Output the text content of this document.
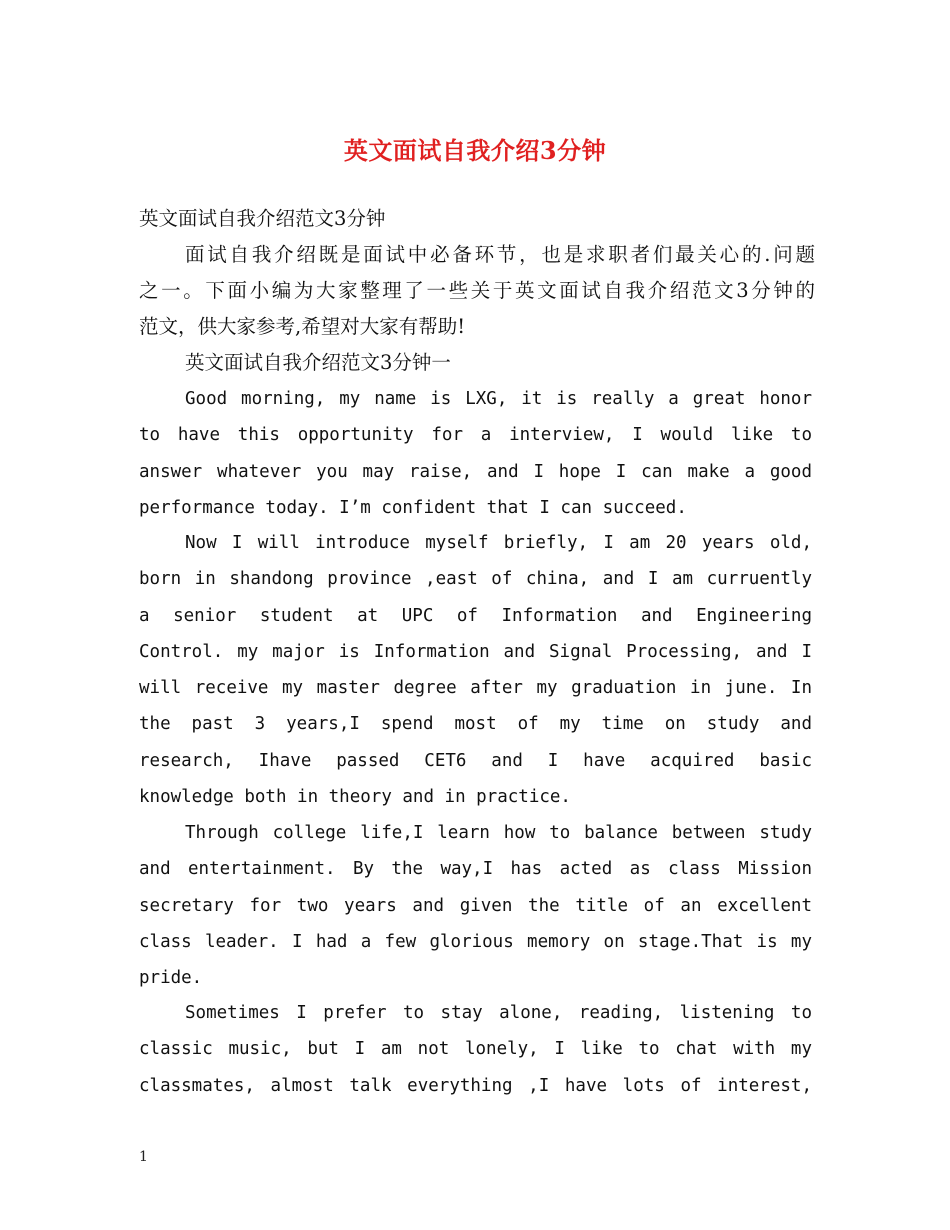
英文面试自我介绍3分钟
英文面试自我介绍范文3分钟
面试自我介绍既是面试中必备环节，也是求职者们最关心的.问题
之一。下面小编为大家整理了一些关于英文面试自我介绍范文3分钟的
范文，供大家参考,希望对大家有帮助!
英文面试自我介绍范文3分钟一
Good morning, my name is LXG, it is really a great honor
to have this opportunity for a interview, I would like to
answer whatever you may raise, and I hope I can make a good
performance today. I’m confident that I can succeed.
Now I will introduce myself briefly, I am 20 years old,
born in shandong province ,east of china, and I am curruently
a senior student at UPC of Information and Engineering
Control. my major is Information and Signal Processing, and I
will receive my master degree after my graduation in june. In
the past 3 years,I spend most of my time on study and
research, Ihave passed CET6 and I have acquired basic
knowledge both in theory and in practice.
Through college life,I learn how to balance between study
and entertainment. By the way,I has acted as class Mission
secretary for two years and given the title of an excellent
class leader. I had a few glorious memory on stage.That is my
pride.
Sometimes I prefer to stay alone, reading, listening to
classic music, but I am not lonely, I like to chat with my
classmates, almost talk everything ,I have lots of interest,
1
